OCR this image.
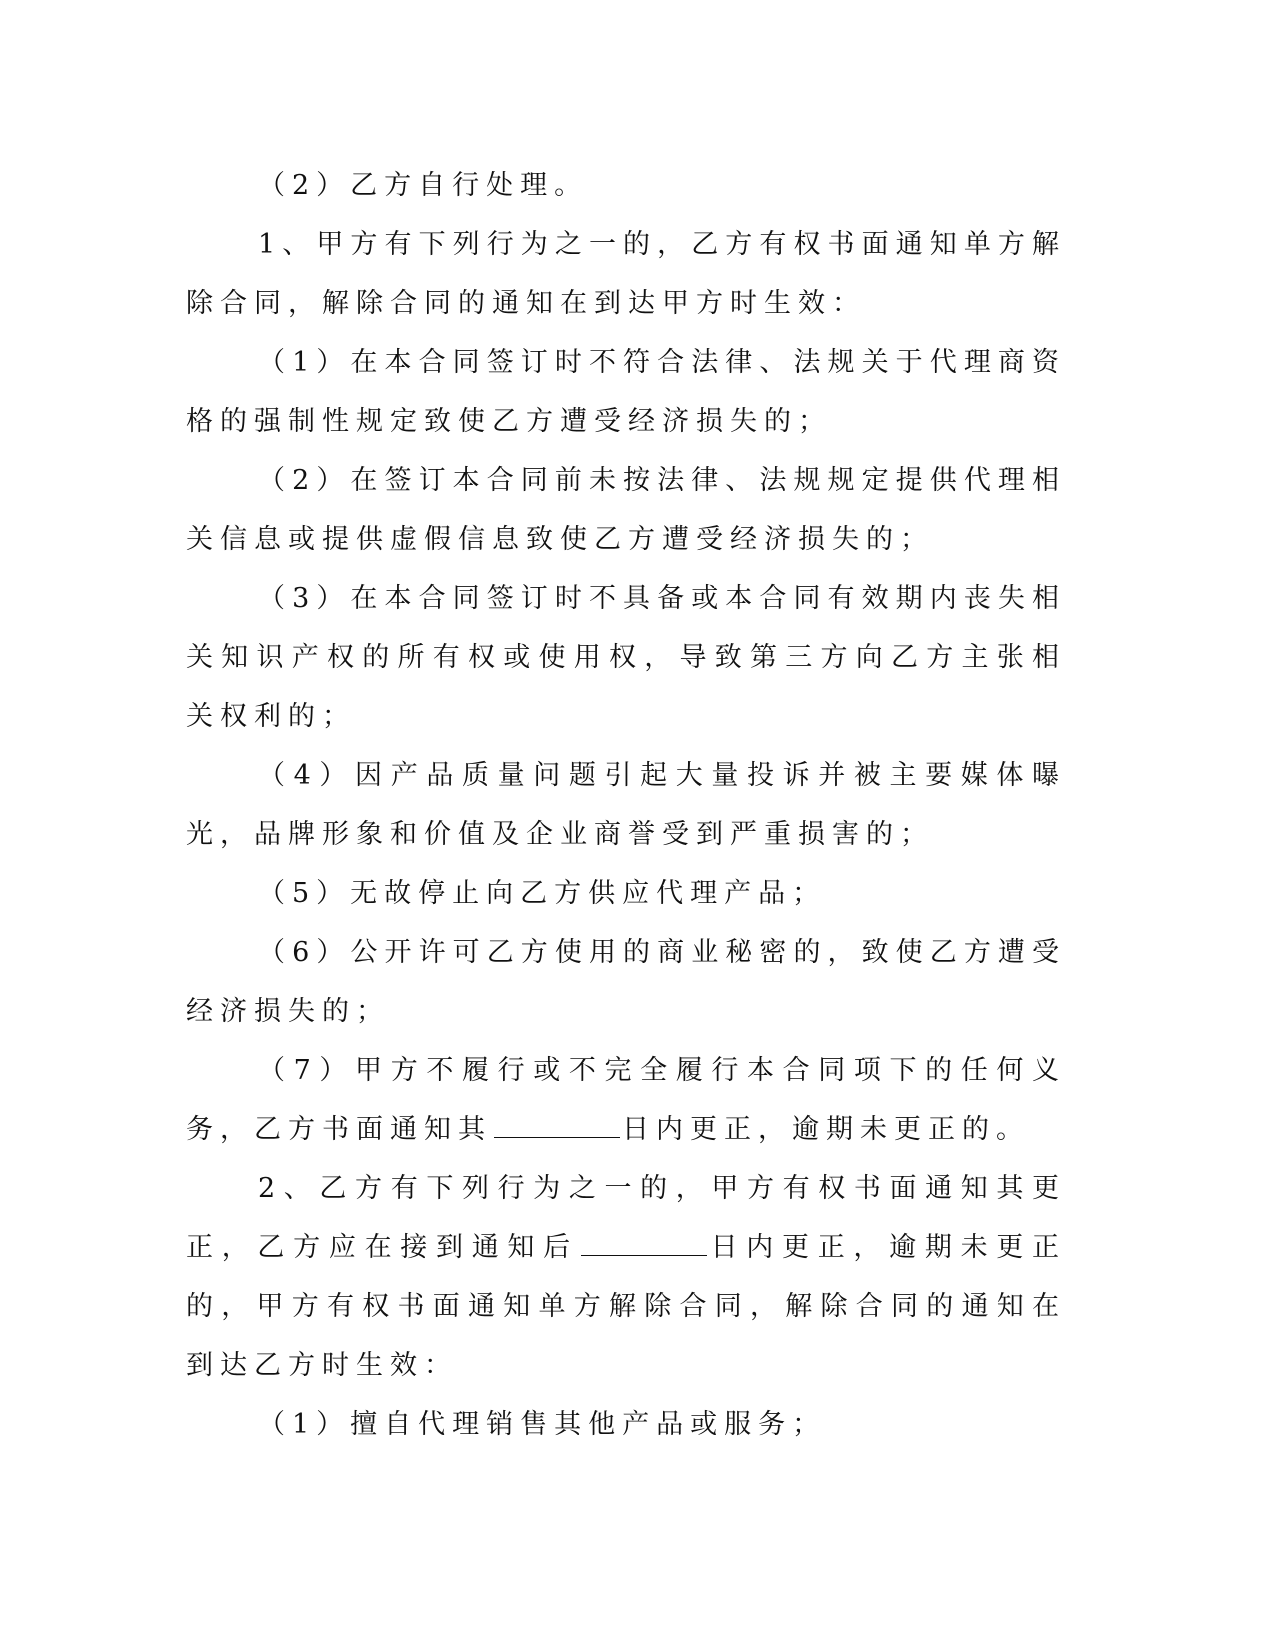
（2）乙方自行处理。

1、甲方有下列行为之一的，乙方有权书面通知单方解除合同，解除合同的通知在到达甲方时生效：

（1）在本合同签订时不符合法律、法规关于代理商资格的强制性规定致使乙方遭受经济损失的；

（2）在签订本合同前未按法律、法规规定提供代理相关信息或提供虚假信息致使乙方遭受经济损失的；

（3）在本合同签订时不具备或本合同有效期内丧失相关知识产权的所有权或使用权，导致第三方向乙方主张相关权利的；

（4）因产品质量问题引起大量投诉并被主要媒体曝光，品牌形象和价值及企业商誉受到严重损害的；

（5）无故停止向乙方供应代理产品；

（6）公开许可乙方使用的商业秘密的，致使乙方遭受经济损失的；

（7）甲方不履行或不完全履行本合同项下的任何义务，乙方书面通知其	日内更正，逾期未更正的。

2、乙方有下列行为之一的，甲方有权书面通知其更正，乙方应在接到通知后	日内更正，逾期未更正的，甲方有权书面通知单方解除合同，解除合同的通知在到达乙方时生效：

（1）擅自代理销售其他产品或服务；
